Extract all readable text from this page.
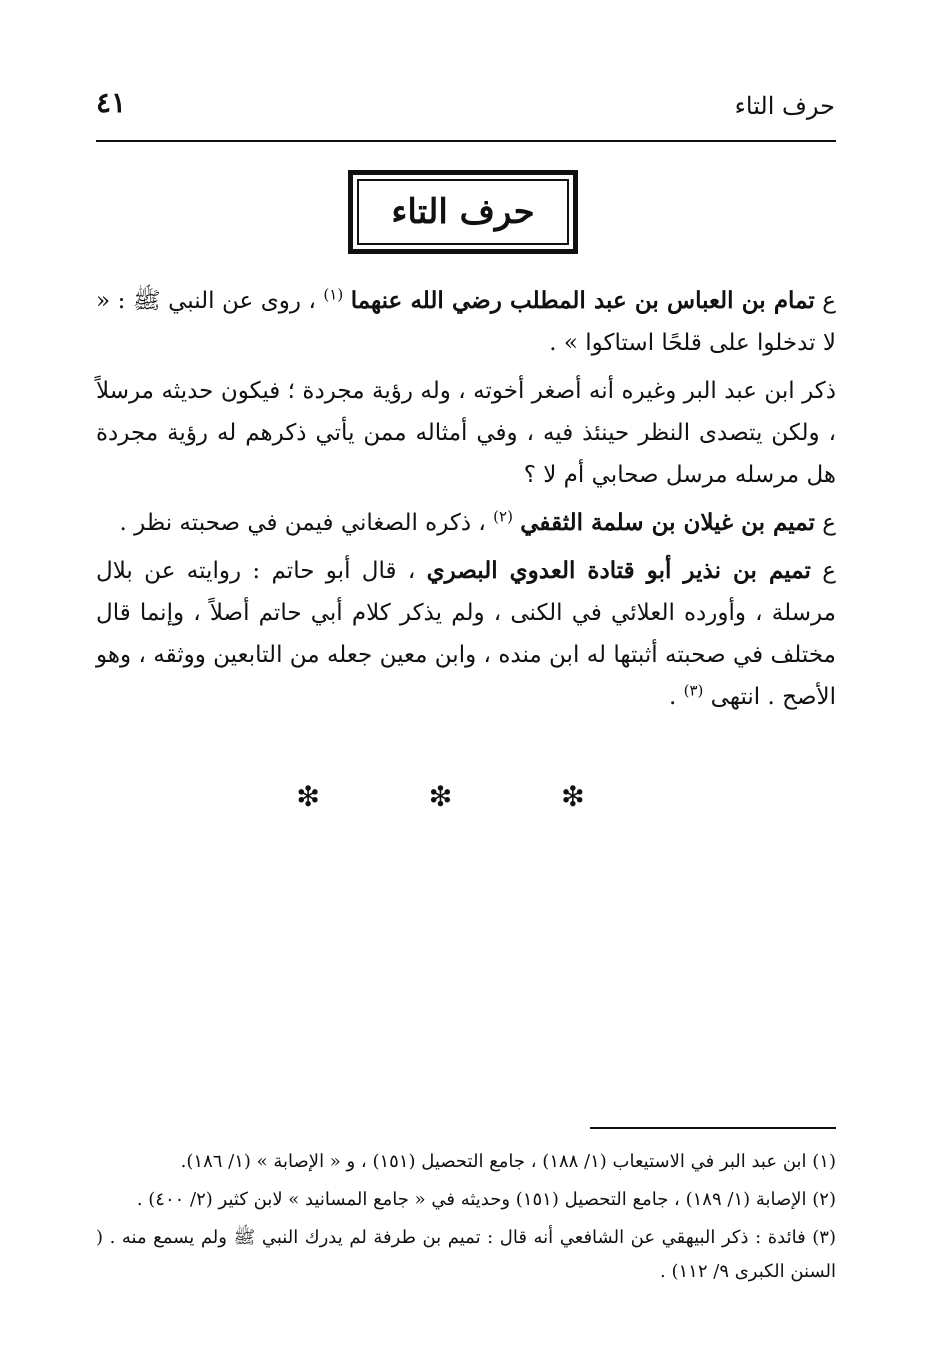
حرف التاء
٤١
حرف التاء

ع تمام بن العباس بن عبد المطلب رضي الله عنهما $^{(١)}$ ، روى عن النبي ﷺ : « لا تدخلوا على قلحًا استاكوا » .

ذكر ابن عبد البر وغيره أنه أصغر أخوته ، وله رؤية مجردة ؛ فيكون حديثه مرسلاً ، ولكن يتصدى النظر حينئذ فيه ، وفي أمثاله ممن يأتي ذكرهم له رؤية مجردة هل مرسله مرسل صحابي أم لا ؟

ع تميم بن غيلان بن سلمة الثقفي $^{(٢)}$ ، ذكره الصغاني فيمن في صحبته نظر .

ع تميم بن نذير أبو قتادة العدوي البصري ، قال أبو حاتم : روايته عن بلال مرسلة ، وأورده العلائي في الكنى ، ولم يذكر كلام أبي حاتم أصلاً ، وإنما قال مختلف في صحبته أثبتها له ابن منده ، وابن معين جعله من التابعين ووثقه ، وهو الأصح . انتهى $^{(٣)}$ .

❇ ❇ ❇

(١) ابن عبد البر في الاستيعاب (١/ ١٨٨) ، جامع التحصيل (١٥١) ، و « الإصابة » (١/ ١٨٦).

(٢) الإصابة (١/ ١٨٩) ، جامع التحصيل (١٥١) وحديثه في « جامع المسانيد » لابن كثير (٢/ ٤٠٠) .

(٣) فائدة : ذكر البيهقي عن الشافعي أنه قال : تميم بن طرفة لم يدرك النبي ﷺ ولم يسمع منه . ( السنن الكبرى ٩/ ١١٢) .
